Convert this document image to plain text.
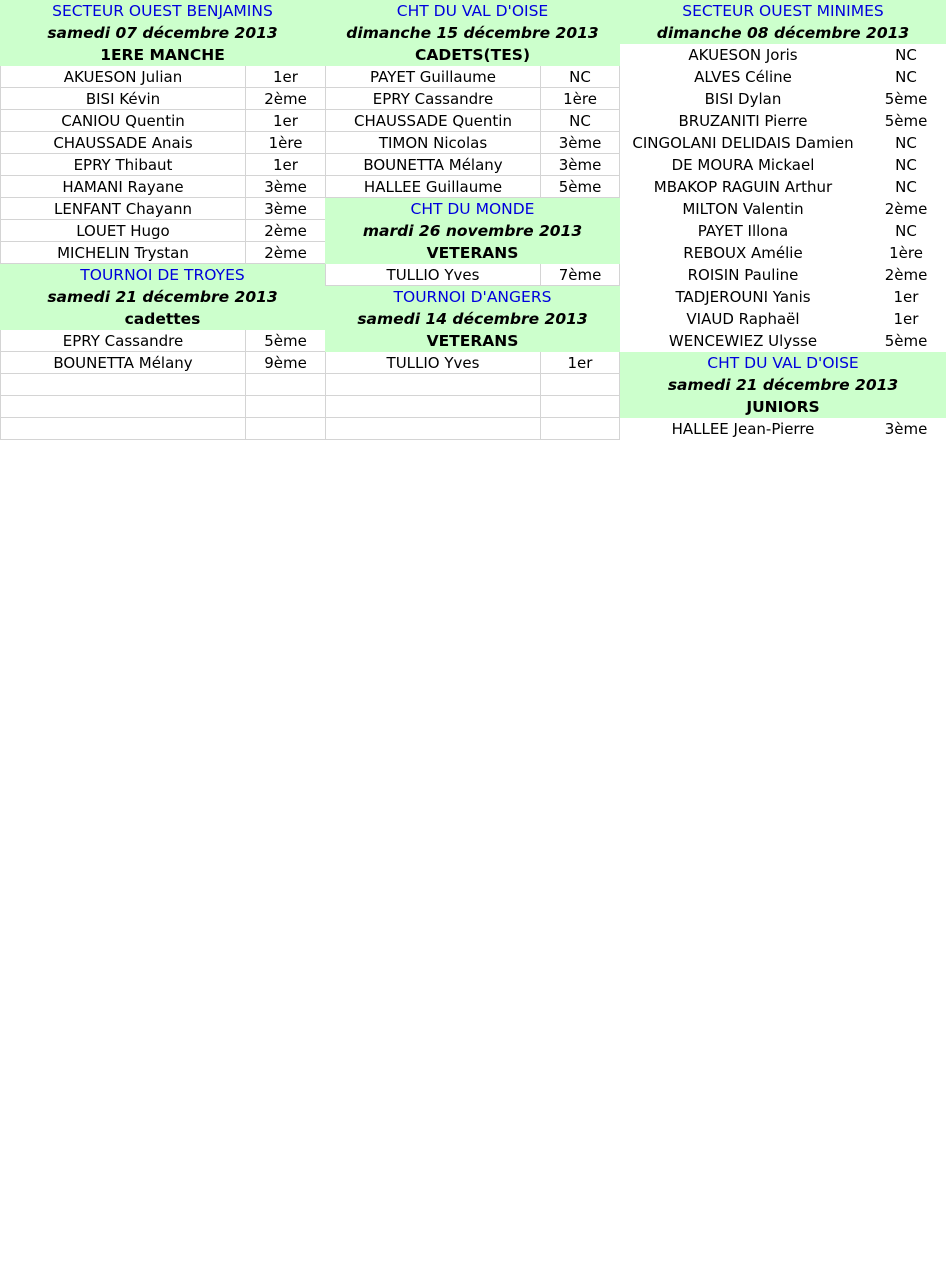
SECTEUR OUEST BENJAMINS
samedi 07 décembre 2013
1ERE MANCHE
AKUESON Julian	1er
BISI Kévin	2ème
CANIOU Quentin	1er
CHAUSSADE Anais	1ère
EPRY Thibaut	1er
HAMANI Rayane	3ème
LENFANT Chayann	3ème
LOUET Hugo	2ème
MICHELIN Trystan	2ème
TOURNOI DE TROYES
samedi 21 décembre 2013
cadettes
EPRY Cassandre	5ème
BOUNETTA Mélany	9ème
CHT DU VAL D'OISE
dimanche 15 décembre 2013
CADETS(TES)
PAYET Guillaume	NC
EPRY Cassandre	1ère
CHAUSSADE Quentin	NC
TIMON Nicolas	3ème
BOUNETTA Mélany	3ème
HALLEE Guillaume	5ème
CHT DU MONDE
mardi 26 novembre 2013
VETERANS
TULLIO Yves	7ème
TOURNOI D'ANGERS
samedi 14 décembre 2013
VETERANS
TULLIO Yves	1er
SECTEUR OUEST MINIMES
dimanche 08 décembre 2013
AKUESON Joris	NC
ALVES Céline	NC
BISI Dylan	5ème
BRUZANITI Pierre	5ème
CINGOLANI DELIDAIS Damien	NC
DE MOURA Mickael	NC
MBAKOP RAGUIN Arthur	NC
MILTON Valentin	2ème
PAYET Illona	NC
REBOUX Amélie	1ère
ROISIN Pauline	2ème
TADJEROUNI Yanis	1er
VIAUD Raphaël	1er
WENCEWIEZ Ulysse	5ème
CHT DU VAL D'OISE
samedi 21 décembre 2013
JUNIORS
HALLEE Jean-Pierre	3ème
